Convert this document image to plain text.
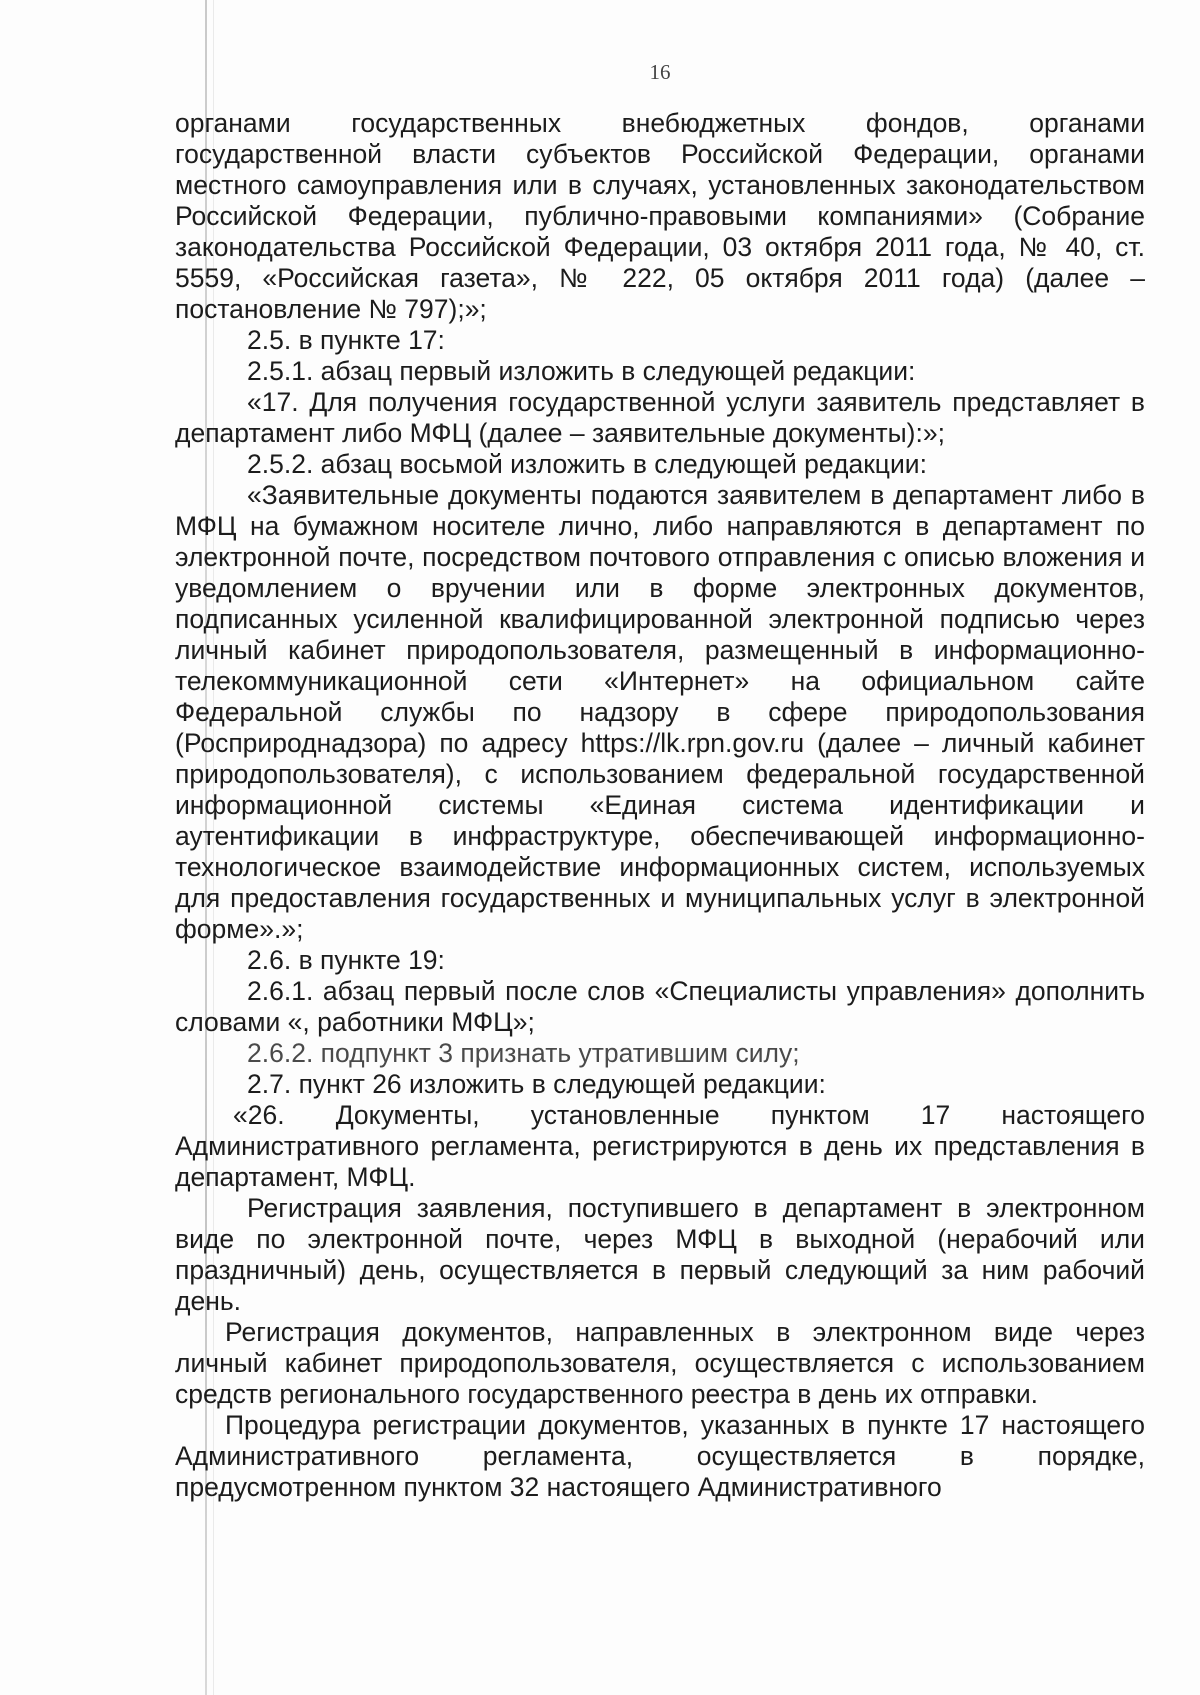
16

органами государственных внебюджетных фондов, органами государственной власти субъектов Российской Федерации, органами местного самоуправления или в случаях, установленных законодательством Российской Федерации, публично-правовыми компаниями» (Собрание законодательства Российской Федерации, 03 октября 2011 года, № 40, ст. 5559, «Российская газета», № 222, 05 октября 2011 года) (далее – постановление № 797);»;

2.5. в пункте 17:

2.5.1. абзац первый изложить в следующей редакции:

«17. Для получения государственной услуги заявитель представляет в департамент либо МФЦ (далее – заявительные документы):»;

2.5.2. абзац восьмой изложить в следующей редакции:

«Заявительные документы подаются заявителем в департамент либо в МФЦ на бумажном носителе лично, либо направляются в департамент по электронной почте, посредством почтового отправления с описью вложения и уведомлением о вручении или в форме электронных документов, подписанных усиленной квалифицированной электронной подписью через личный кабинет природопользователя, размещенный в информационно-телекоммуникационной сети «Интернет» на официальном сайте Федеральной службы по надзору в сфере природопользования (Росприроднадзора) по адресу https://lk.rpn.gov.ru (далее – личный кабинет природопользователя), с использованием федеральной государственной информационной системы «Единая система идентификации и аутентификации в инфраструктуре, обеспечивающей информационно-технологическое взаимодействие информационных систем, используемых для предоставления государственных и муниципальных услуг в электронной форме».»;

2.6. в пункте 19:

2.6.1. абзац первый после слов «Специалисты управления» дополнить словами «, работники МФЦ»;

2.6.2. подпункт 3 признать утратившим силу;

2.7. пункт 26 изложить в следующей редакции:

«26. Документы, установленные пунктом 17 настоящего Административного регламента, регистрируются в день их представления в департамент, МФЦ.

Регистрация заявления, поступившего в департамент в электронном виде по электронной почте, через МФЦ в выходной (нерабочий или праздничный) день, осуществляется в первый следующий за ним рабочий день.

Регистрация документов, направленных в электронном виде через личный кабинет природопользователя, осуществляется с использованием средств регионального государственного реестра в день их отправки.

Процедура регистрации документов, указанных в пункте 17 настоящего Административного регламента, осуществляется в порядке, предусмотренном пунктом 32 настоящего Административного
